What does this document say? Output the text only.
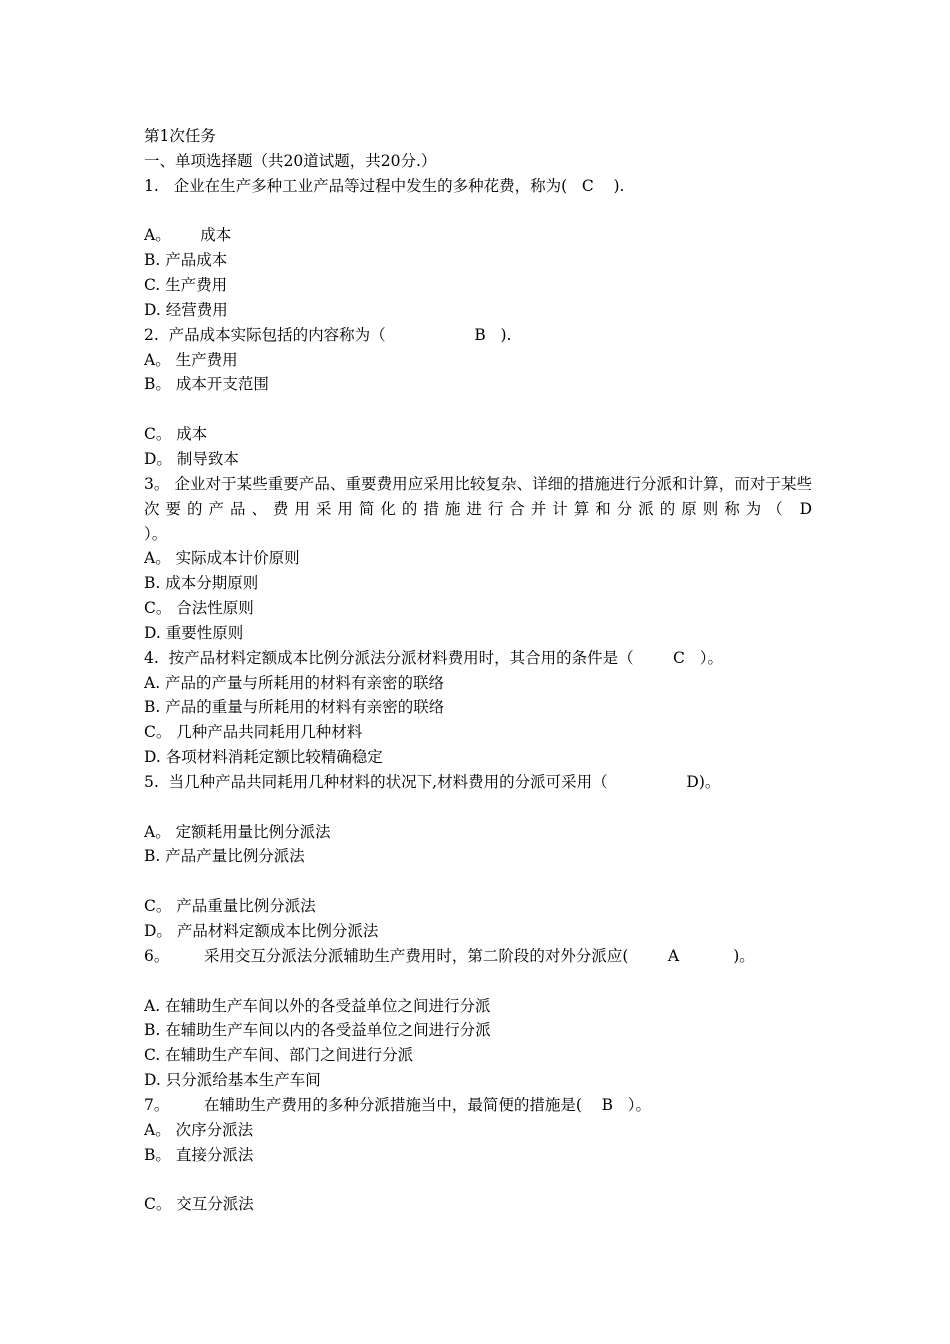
第1次任务
一、单项选择题（共20道试题，共20分.）
1.   企业在生产多种工业产品等过程中发生的多种花费，称为(   C    ).
A。      成本
B. 产品成本
C. 生产费用
D. 经营费用
2.  产品成本实际包括的内容称为（                  B   ).
A。 生产费用
B。 成本开支范围
C。 成本
D。 制导致本
3。 企业对于某些重要产品、重要费用应采用比较复杂、详细的措施进行分派和计算，而对于某些次要的产品、费用采用简化的措施进行合并计算和分派的原则称为（ D
）。
A。 实际成本计价原则
B. 成本分期原则
C。 合法性原则
D. 重要性原则
4.  按产品材料定额成本比例分派法分派材料费用时，其合用的条件是（        C   ）。
A. 产品的产量与所耗用的材料有亲密的联络
B. 产品的重量与所耗用的材料有亲密的联络
C。 几种产品共同耗用几种材料
D. 各项材料消耗定额比较精确稳定
5.  当几种产品共同耗用几种材料的状况下,材料费用的分派可采用（                D)。
A。 定额耗用量比例分派法
B. 产品产量比例分派法
C。 产品重量比例分派法
D。 产品材料定额成本比例分派法
6。       采用交互分派法分派辅助生产费用时，第二阶段的对外分派应(        A           )。
A. 在辅助生产车间以外的各受益单位之间进行分派
B. 在辅助生产车间以内的各受益单位之间进行分派
C. 在辅助生产车间、部门之间进行分派
D. 只分派给基本生产车间
7。       在辅助生产费用的多种分派措施当中，最简便的措施是(    B   ）。
A。 次序分派法
B。 直接分派法
C。 交互分派法
